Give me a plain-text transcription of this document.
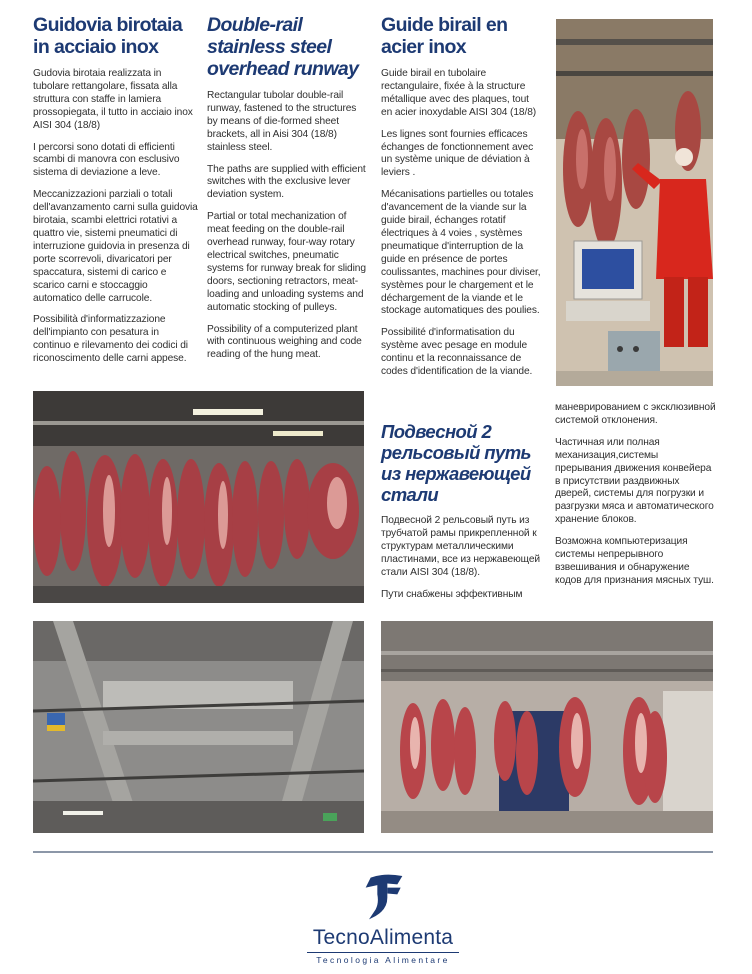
Guidovia birotaia in acciaio inox

Gudovia birotaia realizzata in tubolare rettangolare, fissata alla struttura con staffe in lamiera prossopiegata, il tutto in acciaio inox AISI 304 (18/8)

I percorsi sono dotati di efficienti scambi di manovra con esclusivo sistema di deviazione a leve.

Meccanizzazioni parziali o totali dell'avanzamento carni sulla guidovia birotaia, scambi elettrici rotativi a quattro vie, sistemi pneumatici di interruzione guidovia in presenza di porte scorrevoli, divaricatori per spaccatura, sistemi di carico e scarico carni e stoccaggio automatico delle carrucole.

Possibilità d'informatizzazione dell'impianto con pesatura in continuo e rilevamento dei codici di riconoscimento delle carni appese.

Double-rail stainless steel overhead runway

Rectangular tubolar double-rail runway, fastened to the structures by means of die-formed sheet brackets, all in Aisi 304 (18/8) stainless steel.

The paths are supplied with efficient switches with the exclusive lever deviation system.

Partial or total mechanization of meat feeding on the double-rail overhead runway, four-way rotary electrical switches, pneumatic systems for runway break for sliding doors, sectioning retractors, meat-loading and unloading systems and automatic stocking of pulleys.

Possibility of a computerized plant with continuous weighing and code reading of the hung meat.

Guide birail en acier inox

Guide birail en tubolaire rectangulaire, fixée à la structure métallique avec des plaques, tout en acier inoxydable AISI 304 (18/8)

Les lignes sont fournies efficaces échanges de fonctionnement avec un système unique de déviation à leviers .

Mécanisations partielles ou totales d'avancement de la viande sur la guide birail, échanges rotatif électriques à 4 voies , systèmes pneumatique d'interruption de la guide en présence de portes coulissantes, machines pour diviser, systèmes pour le chargement et le déchargement de la viande et le stockage automatiques des poulies.

Possibilité d'informatisation du système avec pesage en module continu et la reconnaissance de codes d'identification de la viande.

Подвесной 2 рельсовый путь из нержавеющей стали

Подвесной 2 рельсовый путь из трубчатой рамы прикрепленной к структурам металлическими пластинами, все из нержавеющей стали AISI 304 (18/8).

Пути снабжены эффективным

маневрированием с эксклюзивной системой отклонения.

Частичная или полная механизация,системы прерывания движения конвейера в присутствии раздвижных дверей, системы для погрузки и разгрузки мяса и автоматического хранение блоков.

Возможна компьютеризация системы непрерывного взвешивания и обнаружение кодов для признания мясных туш.

TecnoAlimenta
Tecnologia Alimentare
